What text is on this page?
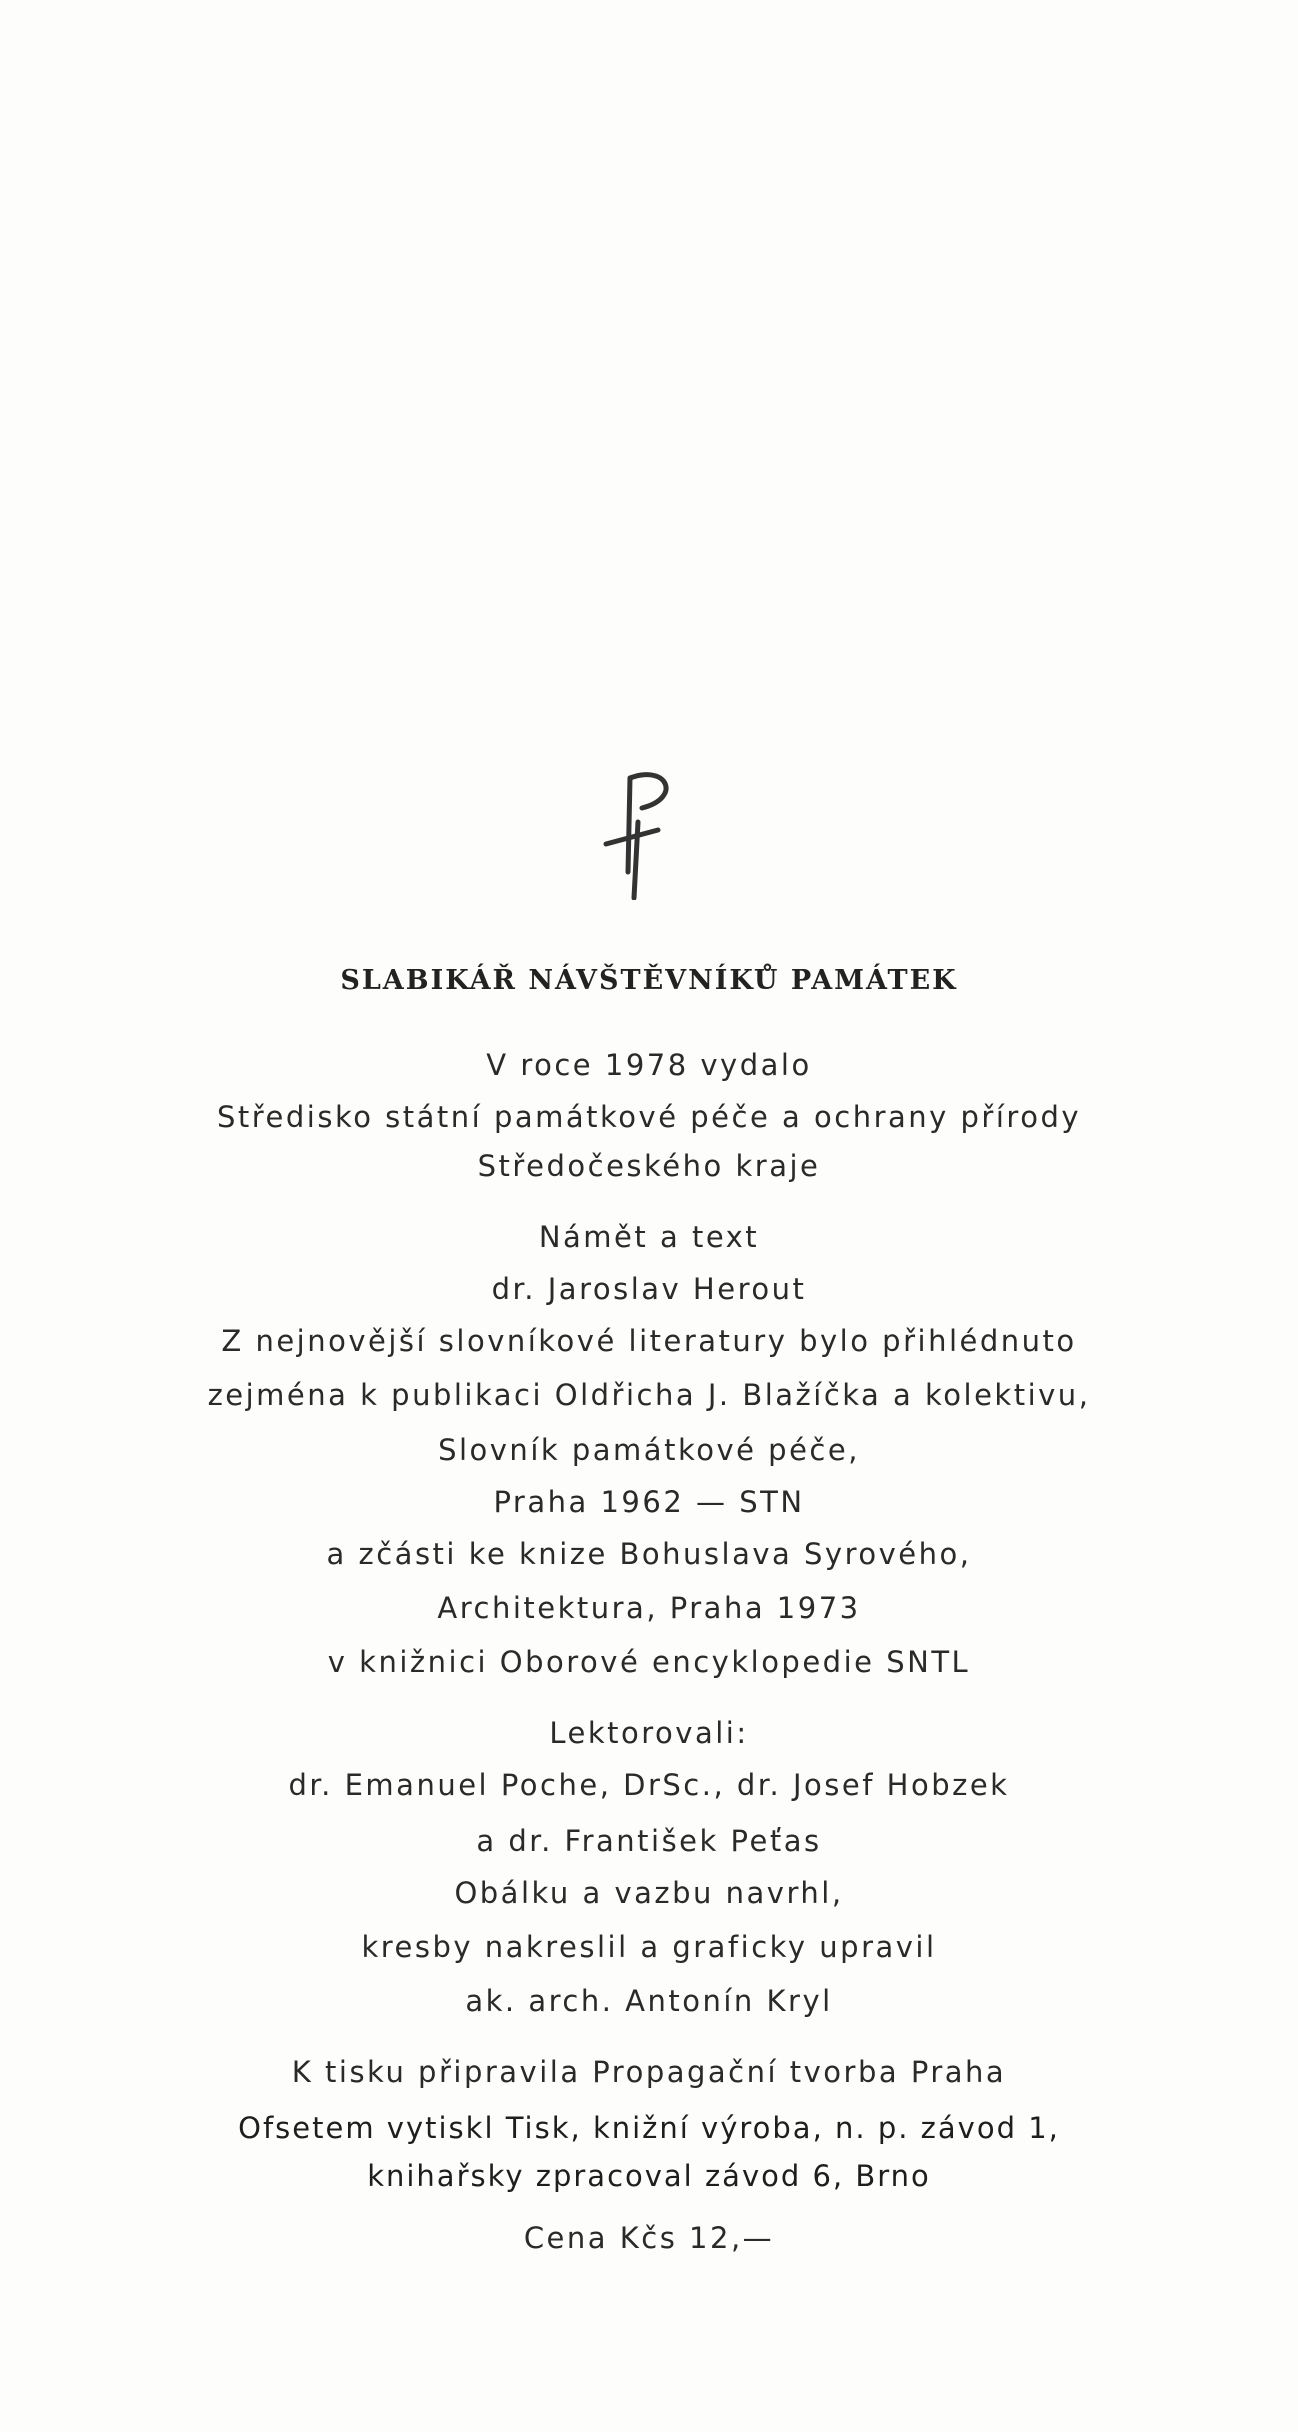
SLABIKÁŘ NÁVŠTĚVNÍKŮ PAMÁTEK
V roce 1978 vydalo
Středisko státní památkové péče a ochrany přírody
Středočeského kraje
Námět a text
dr. Jaroslav Herout
Z nejnovější slovníkové literatury bylo přihlédnuto
zejména k publikaci Oldřicha J. Blažíčka a kolektivu,
Slovník památkové péče,
Praha 1962 — STN
a zčásti ke knize Bohuslava Syrového,
Architektura, Praha 1973
v knižnici Oborové encyklopedie SNTL
Lektorovali:
dr. Emanuel Poche, DrSc., dr. Josef Hobzek
a dr. František Peťas
Obálku a vazbu navrhl,
kresby nakreslil a graficky upravil
ak. arch. Antonín Kryl
K tisku připravila Propagační tvorba Praha
Ofsetem vytiskl Tisk, knižní výroba, n. p. závod 1,
knihařsky zpracoval závod 6, Brno
Cena Kčs 12,—
